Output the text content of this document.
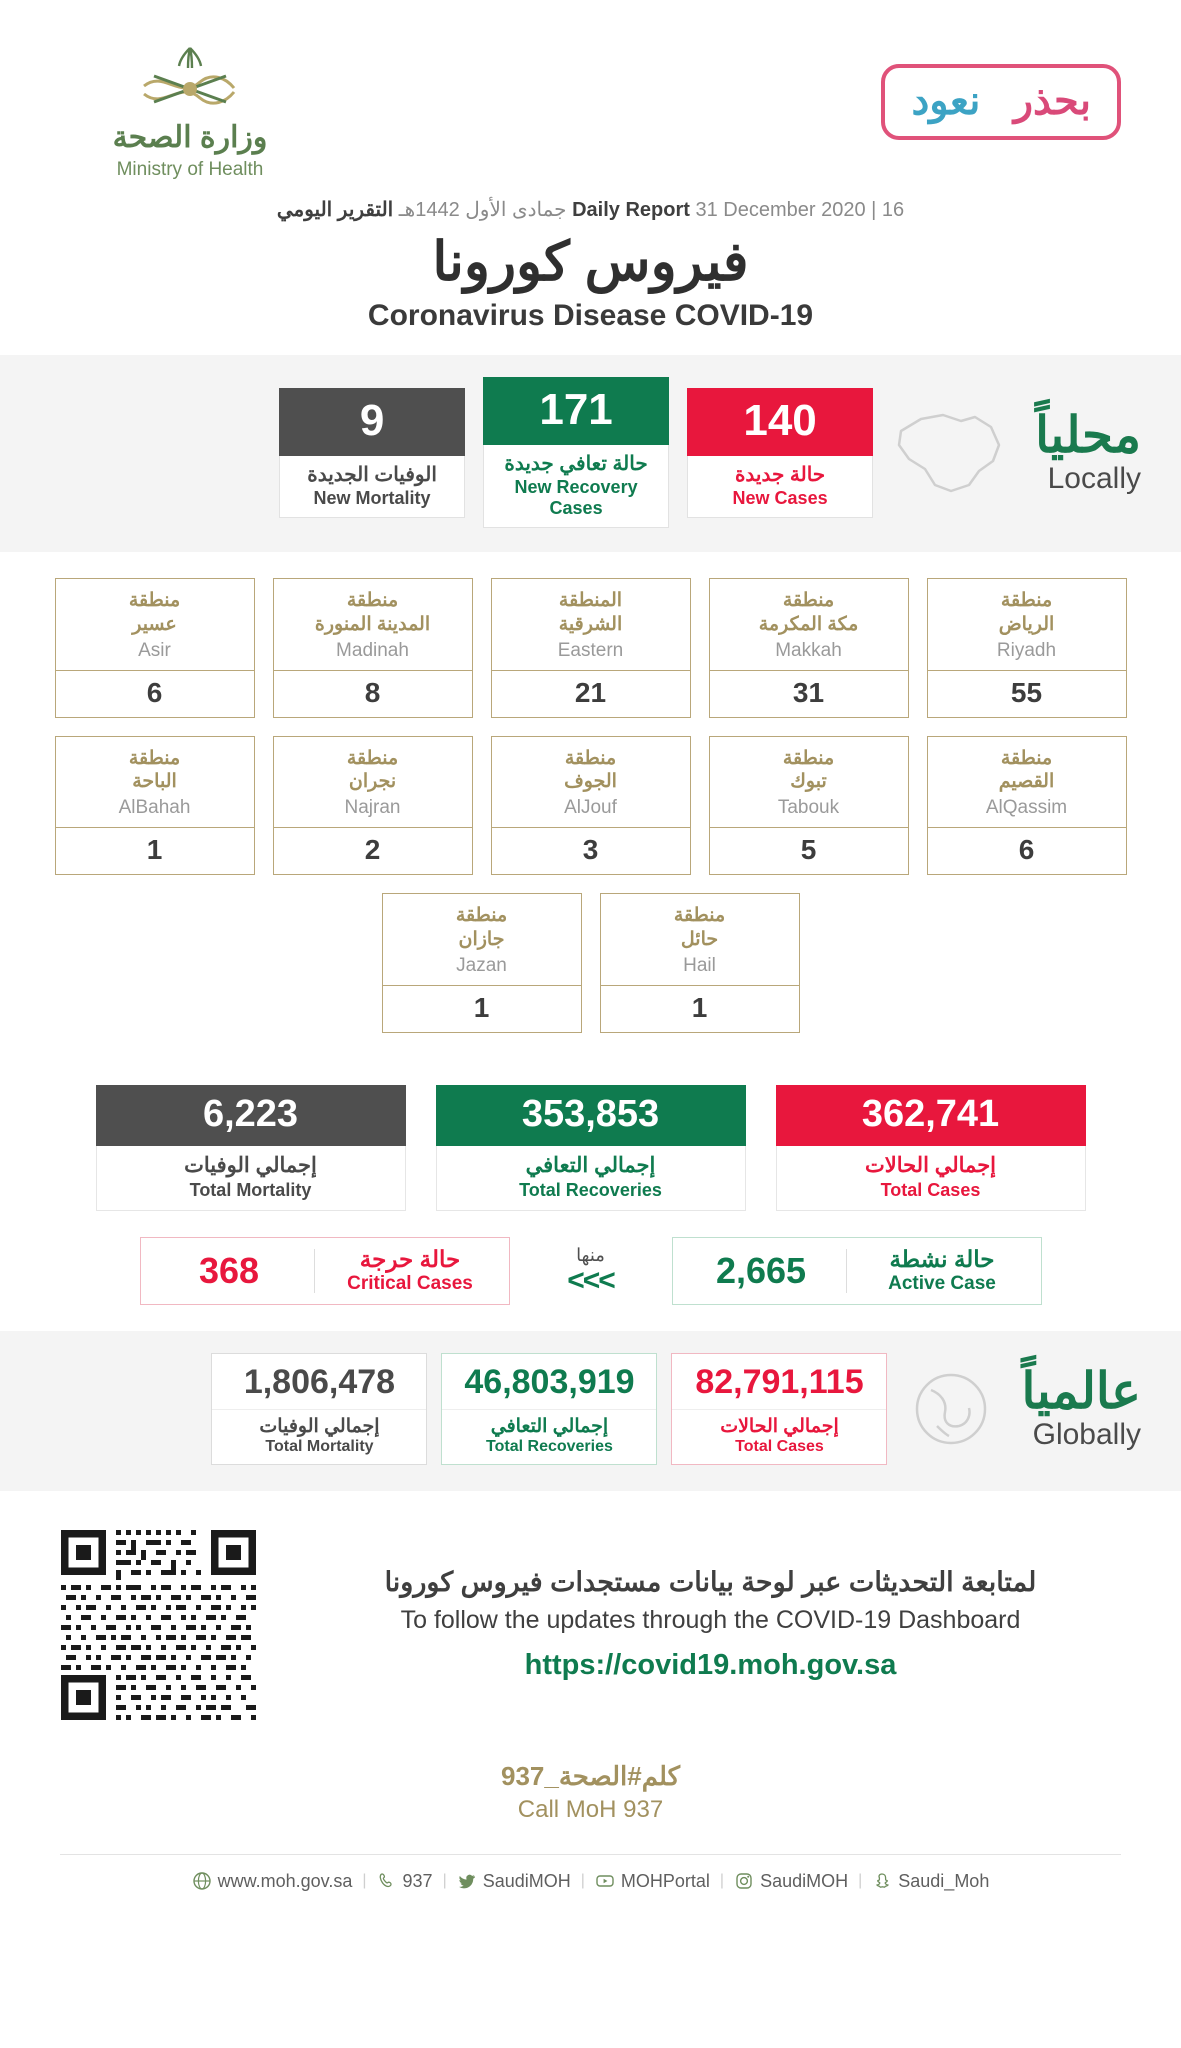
وزارة الصحة
Ministry of Health
بحذر   نعود
Daily Report 31 December 2020 | 16 جمادى الأول 1442هـ التقرير اليومي
فيروس كورونا
Coronavirus Disease COVID-19
9
الوفيات الجديدة
New Mortality
171
حالة تعافي جديدة
New Recovery Cases
140
حالة جديدة
New Cases
محلياً
Locally
منطقة
عسير
Asir
6
منطقة
المدينة المنورة
Madinah
8
المنطقة
الشرقية
Eastern
21
منطقة
مكة المكرمة
Makkah
31
منطقة
الرياض
Riyadh
55
منطقة
الباحة
AlBahah
1
منطقة
نجران
Najran
2
منطقة
الجوف
AlJouf
3
منطقة
تبوك
Tabouk
5
منطقة
القصيم
AlQassim
6
منطقة
جازان
Jazan
1
منطقة
حائل
Hail
1
6,223
إجمالي الوفيات
Total Mortality
353,853
إجمالي التعافي
Total Recoveries
362,741
إجمالي الحالات
Total Cases
368	حالة حرجة
Critical Cases
منها
<<<	2,665	حالة نشطة
Active Case
1,806,478
إجمالي الوفيات
Total Mortality
46,803,919
إجمالي التعافي
Total Recoveries
82,791,115
إجمالي الحالات
Total Cases
عالمياً
Globally
لمتابعة التحديثات عبر لوحة بيانات مستجدات فيروس كورونا
To follow the updates through the COVID-19 Dashboard
https://covid19.moh.gov.sa
كلم#الصحة_937
Call MoH 937
www.moh.gov.sa | 937 | SaudiMOH | MOHPortal | SaudiMOH | Saudi_Moh
